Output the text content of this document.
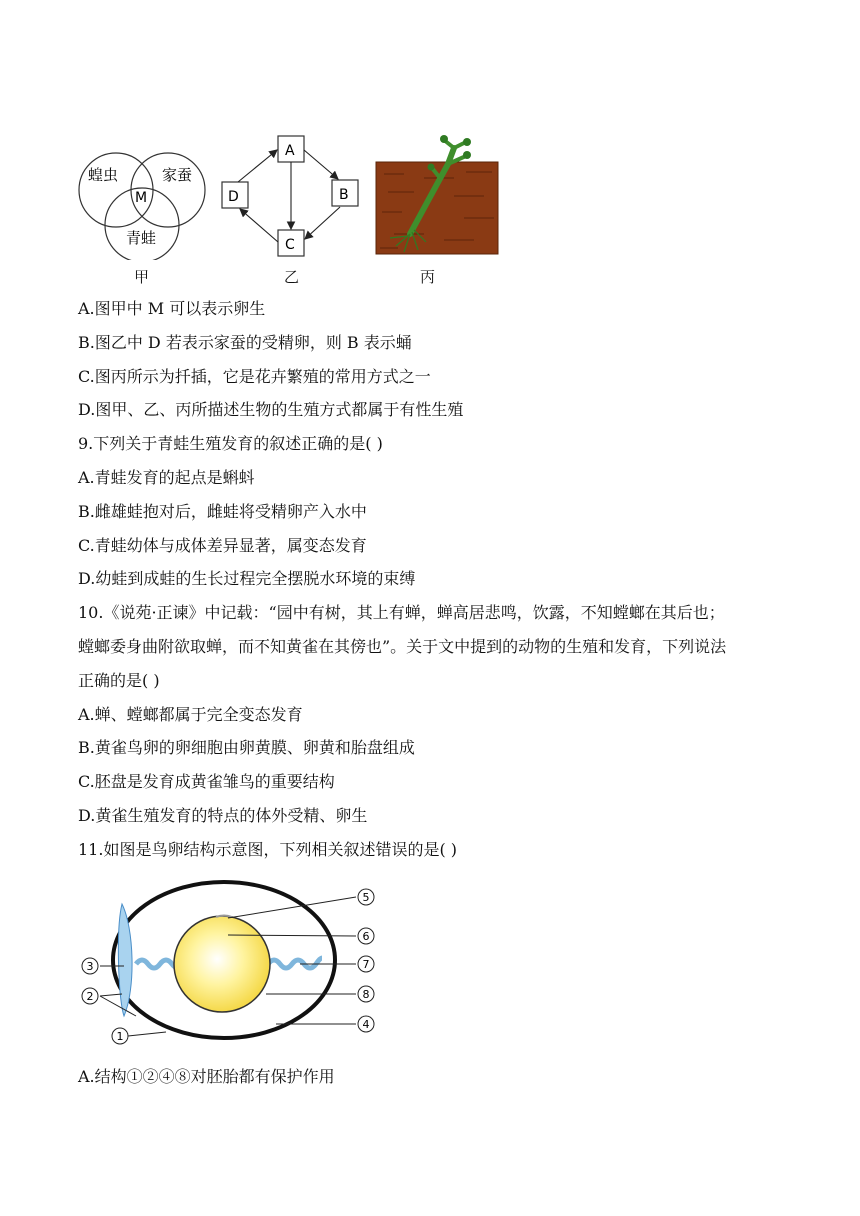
蝗虫	家蚕
青蛙
M
甲
A
B
C
D
乙	丙
A.图甲中 M 可以表示卵生
B.图乙中 D 若表示家蚕的受精卵，则 B 表示蛹
C.图丙所示为扦插，它是花卉繁殖的常用方式之一
D.图甲、乙、丙所描述生物的生殖方式都属于有性生殖
9.下列关于青蛙生殖发育的叙述正确的是( )
A.青蛙发育的起点是蝌蚪
B.雌雄蛙抱对后，雌蛙将受精卵产入水中
C.青蛙幼体与成体差异显著，属变态发育
D.幼蛙到成蛙的生长过程完全摆脱水环境的束缚
10.《说苑·正谏》中记载：“园中有树，其上有蝉，蝉高居悲鸣，饮露，不知螳螂在其后也；
螳螂委身曲附欲取蝉，而不知黄雀在其傍也”。关于文中提到的动物的生殖和发育，下列说法
正确的是( )
A.蝉、螳螂都属于完全变态发育
B.黄雀鸟卵的卵细胞由卵黄膜、卵黄和胎盘组成
C.胚盘是发育成黄雀雏鸟的重要结构
D.黄雀生殖发育的特点的体外受精、卵生
11.如图是鸟卵结构示意图，下列相关叙述错误的是( )
5
6
7
8
4
3
2
1
A.结构①②④⑧对胚胎都有保护作用
